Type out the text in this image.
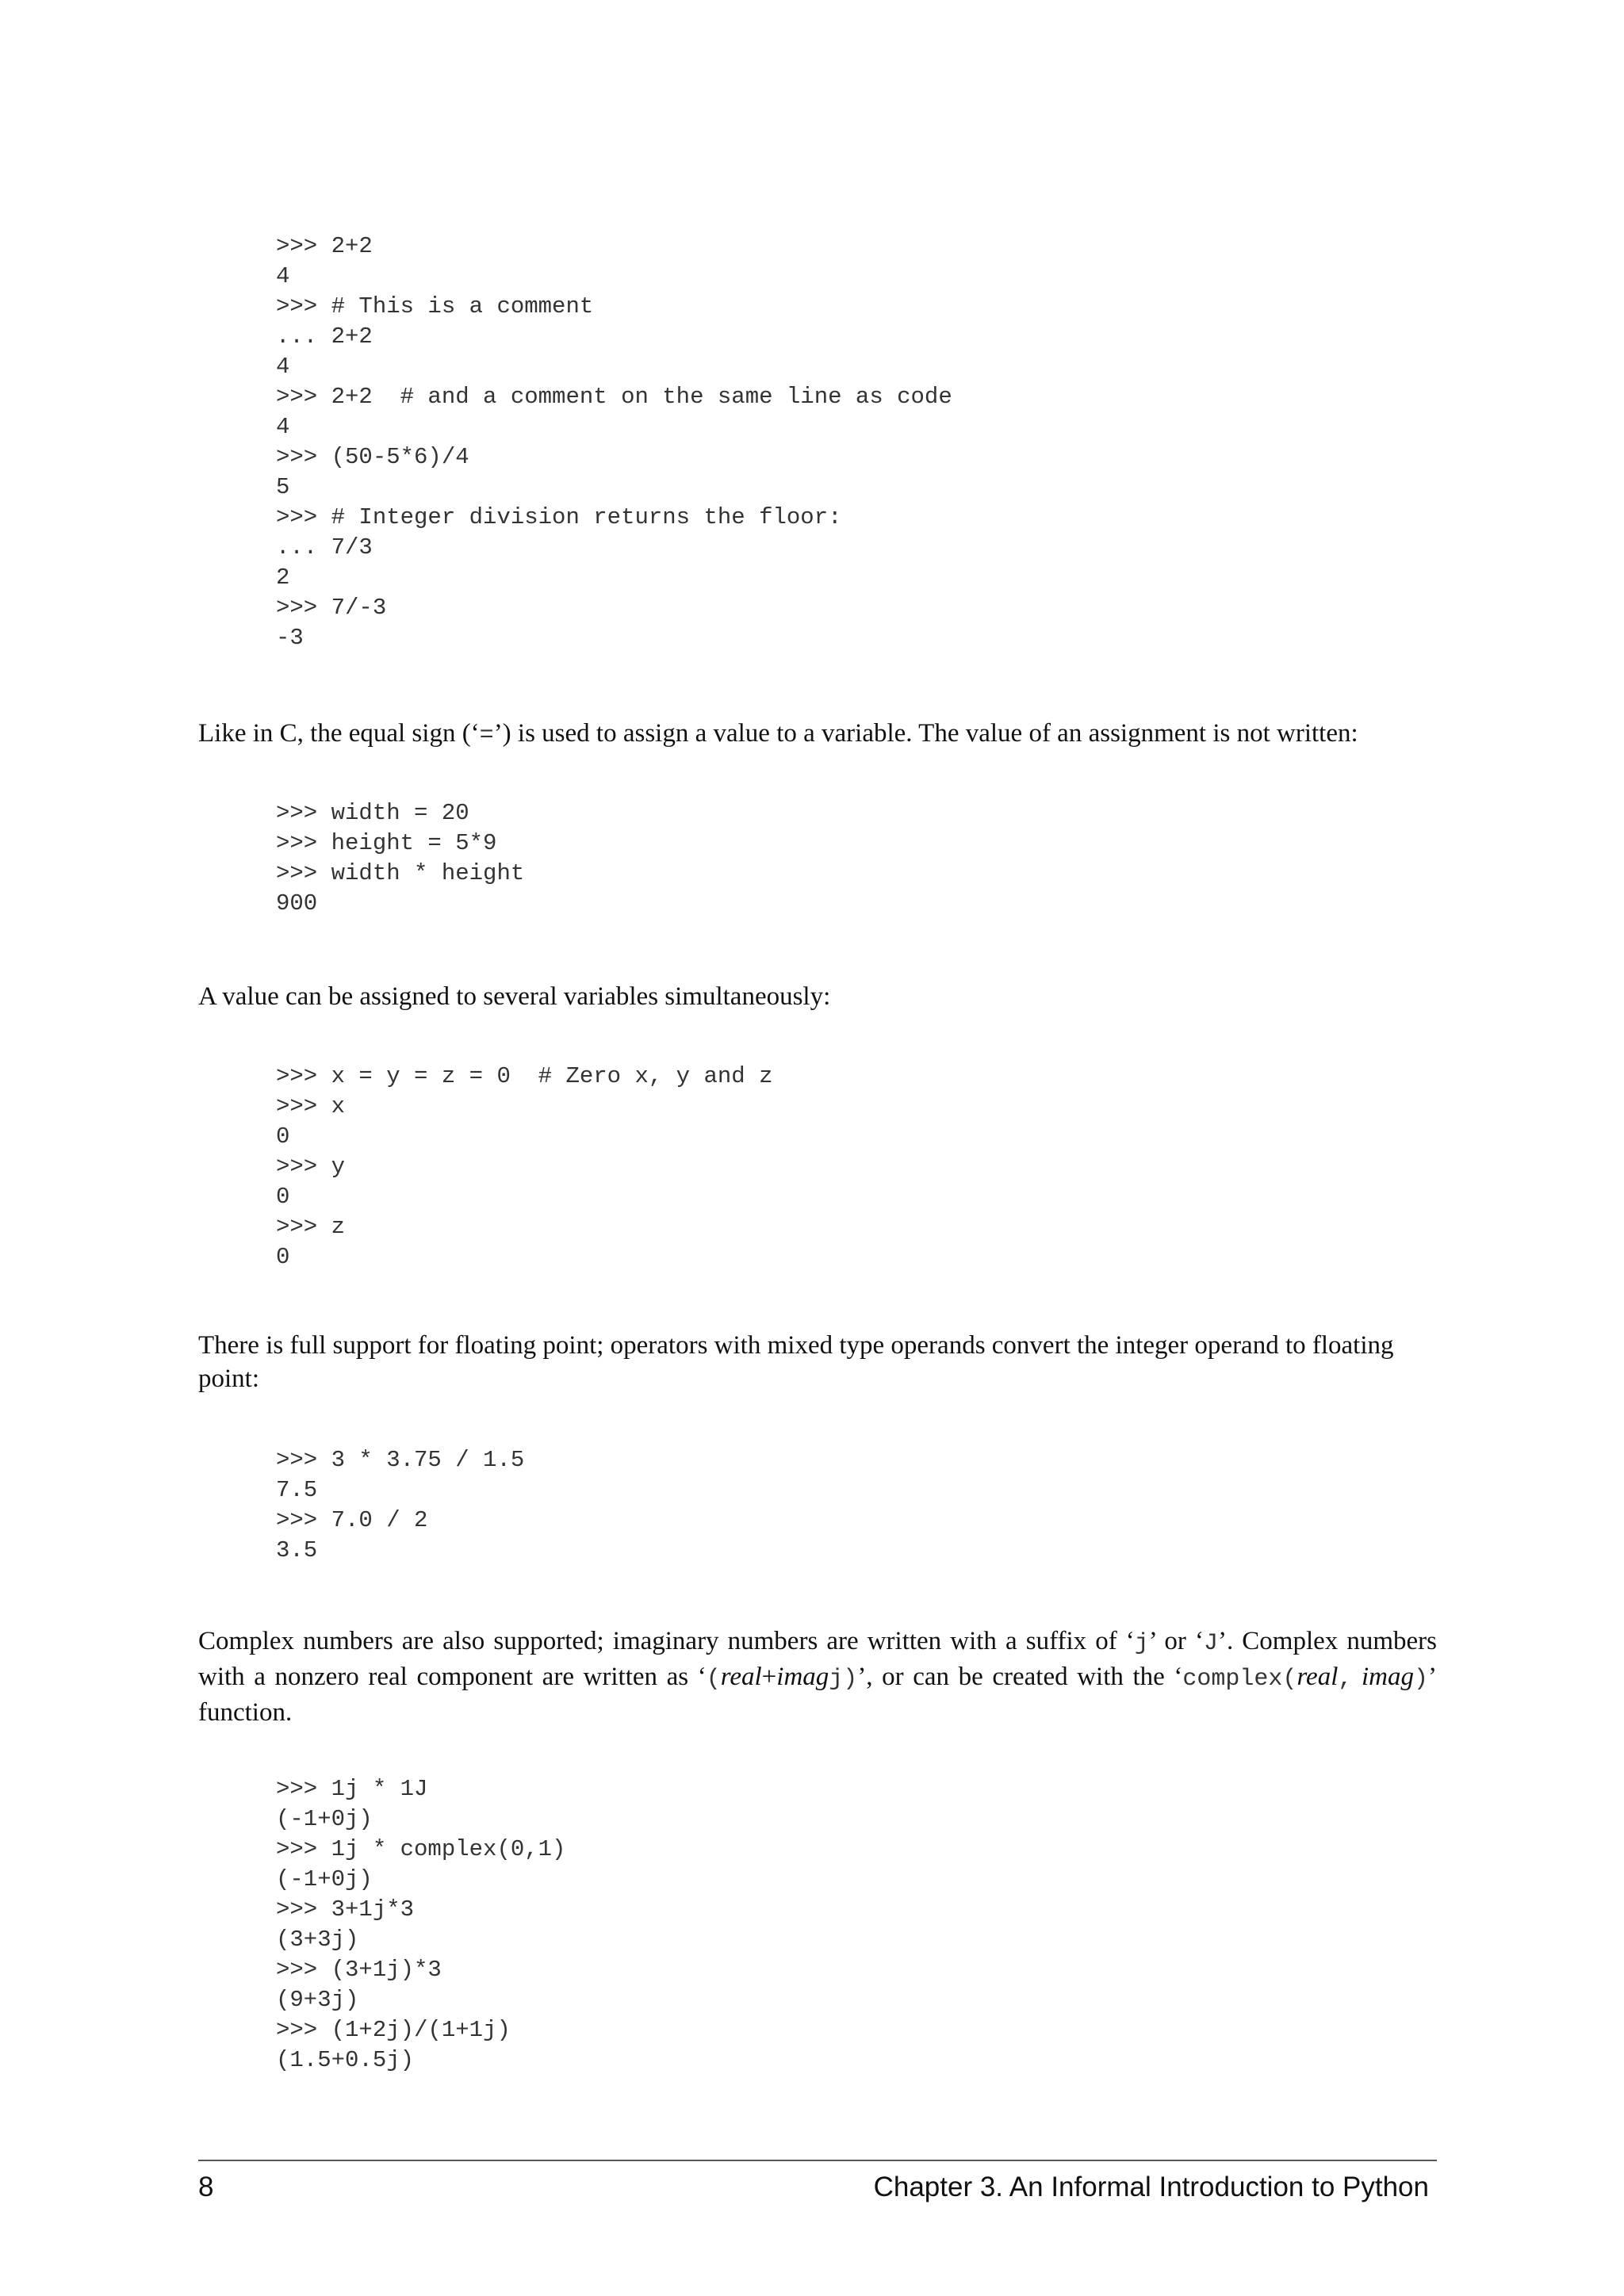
>>> 2+2
4
>>> # This is a comment
... 2+2
4
>>> 2+2  # and a comment on the same line as code
4
>>> (50-5*6)/4
5
>>> # Integer division returns the floor:
... 7/3
2
>>> 7/-3
-3

Like in C, the equal sign (‘=’) is used to assign a value to a variable. The value of an assignment is not written:

>>> width = 20
>>> height = 5*9
>>> width * height
900

A value can be assigned to several variables simultaneously:

>>> x = y = z = 0  # Zero x, y and z
>>> x
0
>>> y
0
>>> z
0

There is full support for floating point; operators with mixed type operands convert the integer operand to floating point:

>>> 3 * 3.75 / 1.5
7.5
>>> 7.0 / 2
3.5

Complex numbers are also supported; imaginary numbers are written with a suffix of ‘j’ or ‘J’. Complex numbers with a nonzero real component are written as ‘(real+imagj)’, or can be created with the ‘complex(real, imag)’ function.

>>> 1j * 1J
(-1+0j)
>>> 1j * complex(0,1)
(-1+0j)
>>> 3+1j*3
(3+3j)
>>> (3+1j)*3
(9+3j)
>>> (1+2j)/(1+1j)
(1.5+0.5j)
8	Chapter 3. An Informal Introduction to Python
